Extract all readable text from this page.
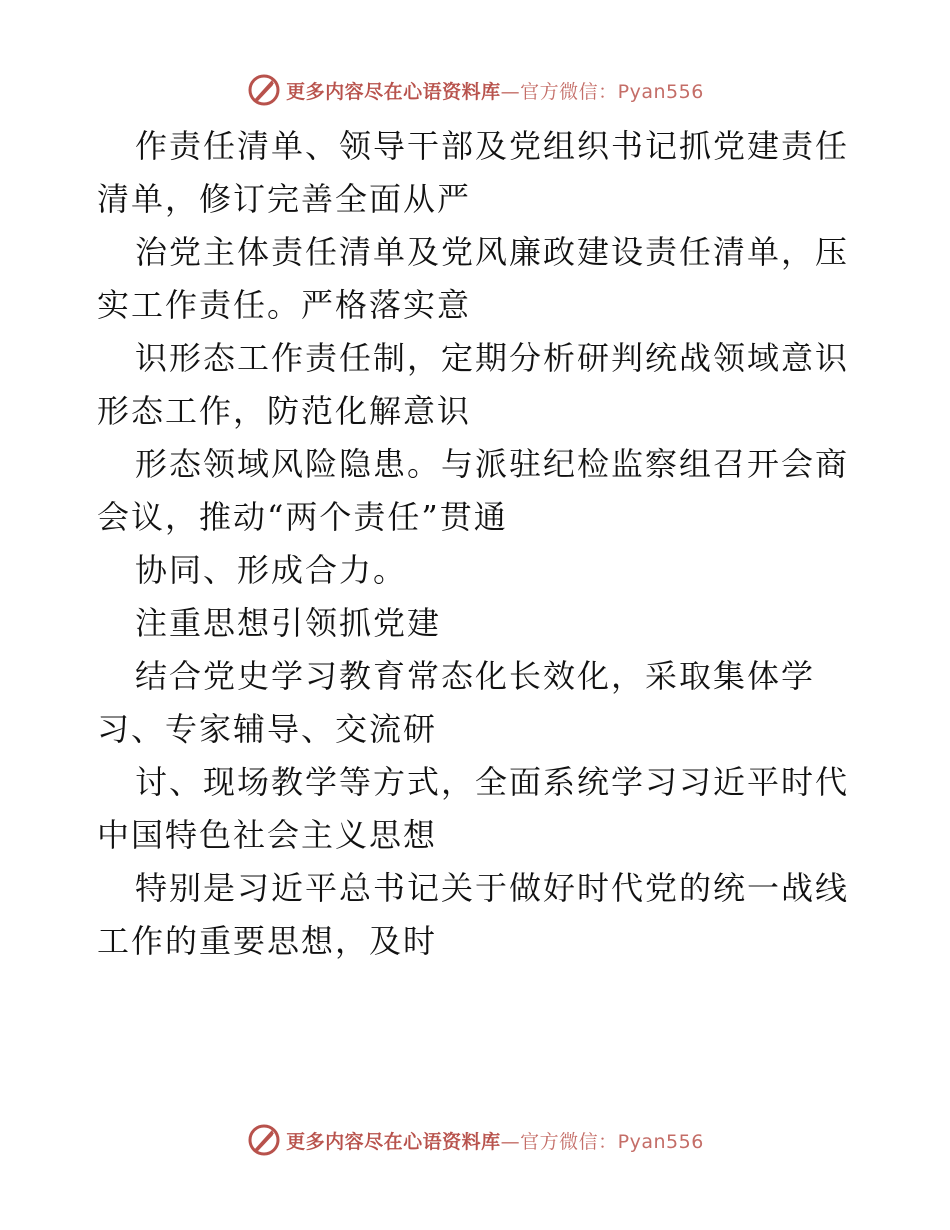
更多内容尽在心语资料库—官方微信：Pyan556
作责任清单、领导干部及党组织书记抓党建责任
清单，修订完善全面从严
治党主体责任清单及党风廉政建设责任清单，压
实工作责任。严格落实意
识形态工作责任制，定期分析研判统战领域意识
形态工作，防范化解意识
形态领域风险隐患。与派驻纪检监察组召开会商
会议，推动“两个责任”贯通
协同、形成合力。
注重思想引领抓党建
结合党史学习教育常态化长效化，采取集体学
习、专家辅导、交流研
讨、现场教学等方式，全面系统学习习近平时代
中国特色社会主义思想
特别是习近平总书记关于做好时代党的统一战线
工作的重要思想，及时
更多内容尽在心语资料库—官方微信：Pyan556
